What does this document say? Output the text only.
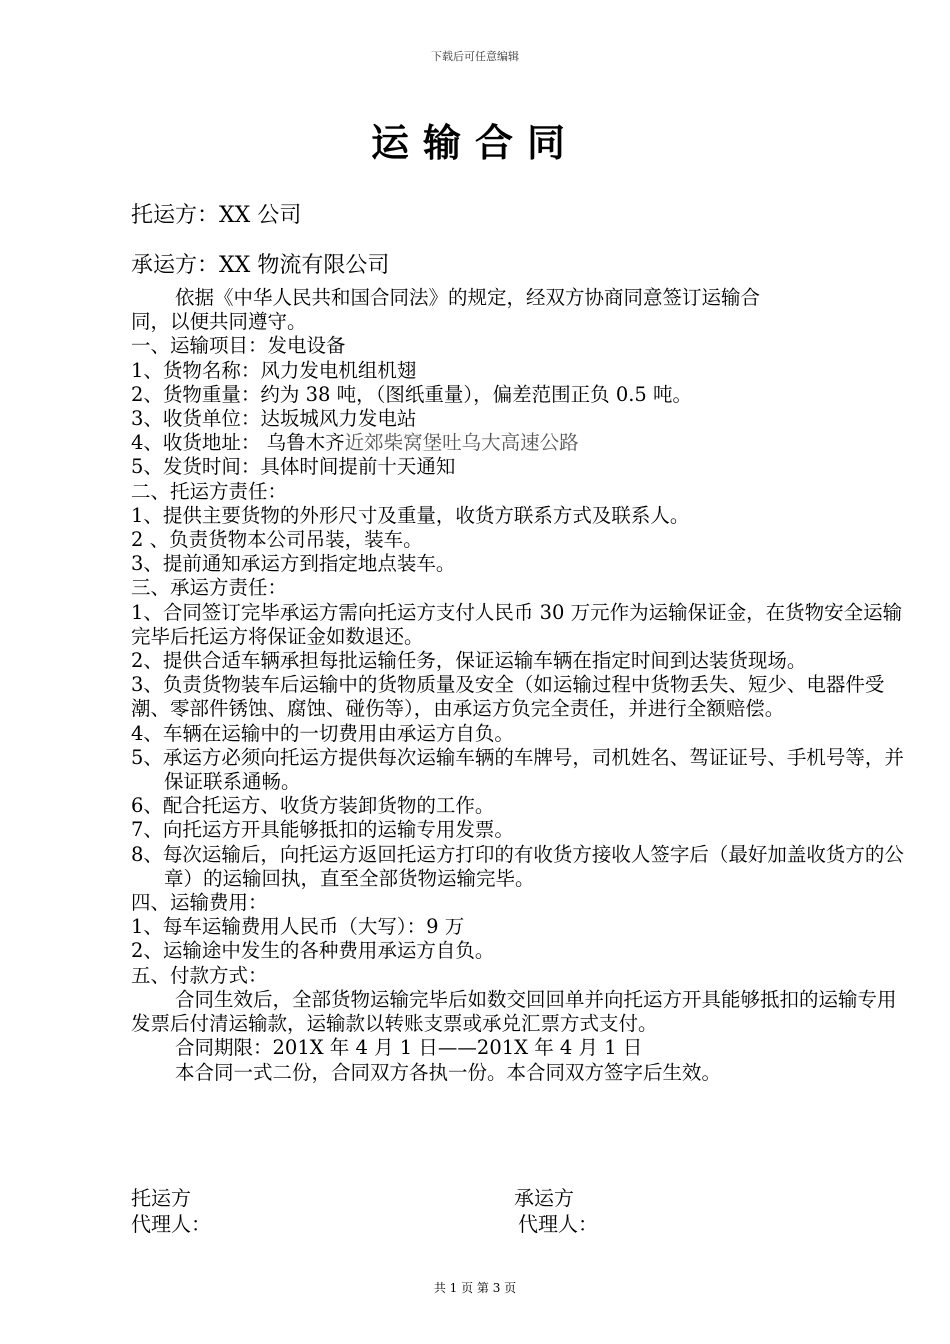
下载后可任意编辑
运输合同
托运方：XX 公司
承运方：XX 物流有限公司

依据《中华人民共和国合同法》的规定，经双方协商同意签订运输合同，以便共同遵守。

一、运输项目：发电设备

1、货物名称：风力发电机组机翅

2、货物重量：约为 38 吨，（图纸重量），偏差范围正负 0.5 吨。

3、收货单位：达坂城风力发电站

4、收货地址： 乌鲁木齐近郊柴窝堡吐乌大高速公路

5、发货时间：具体时间提前十天通知

二、托运方责任：

1、提供主要货物的外形尺寸及重量，收货方联系方式及联系人。

2 、负责货物本公司吊装，装车。

3、提前通知承运方到指定地点装车。

三、承运方责任：

1、合同签订完毕承运方需向托运方支付人民币 30 万元作为运输保证金，在货物安全运输完毕后托运方将保证金如数退还。

2、提供合适车辆承担每批运输任务，保证运输车辆在指定时间到达装货现场。

3、负责货物装车后运输中的货物质量及安全（如运输过程中货物丢失、短少、电器件受潮、零部件锈蚀、腐蚀、碰伤等），由承运方负完全责任，并进行全额赔偿。

4、车辆在运输中的一切费用由承运方自负。

5、承运方必须向托运方提供每次运输车辆的车牌号，司机姓名、驾证证号、手机号等，并保证联系通畅。

6、配合托运方、收货方装卸货物的工作。

7、向托运方开具能够抵扣的运输专用发票。

8、每次运输后，向托运方返回托运方打印的有收货方接收人签字后（最好加盖收货方的公章）的运输回执，直至全部货物运输完毕。

四、运输费用：

1、每车运输费用人民币（大写）：9 万

2、运输途中发生的各种费用承运方自负。

五、付款方式：

合同生效后，全部货物运输完毕后如数交回回单并向托运方开具能够抵扣的运输专用发票后付清运输款，运输款以转账支票或承兑汇票方式支付。

合同期限：201X 年 4 月 1 日——201X 年 4 月 1 日

本合同一式二份，合同双方各执一份。本合同双方签字后生效。

托运方
代理人：
承运方
代理人：
共 1 页 第 3 页
